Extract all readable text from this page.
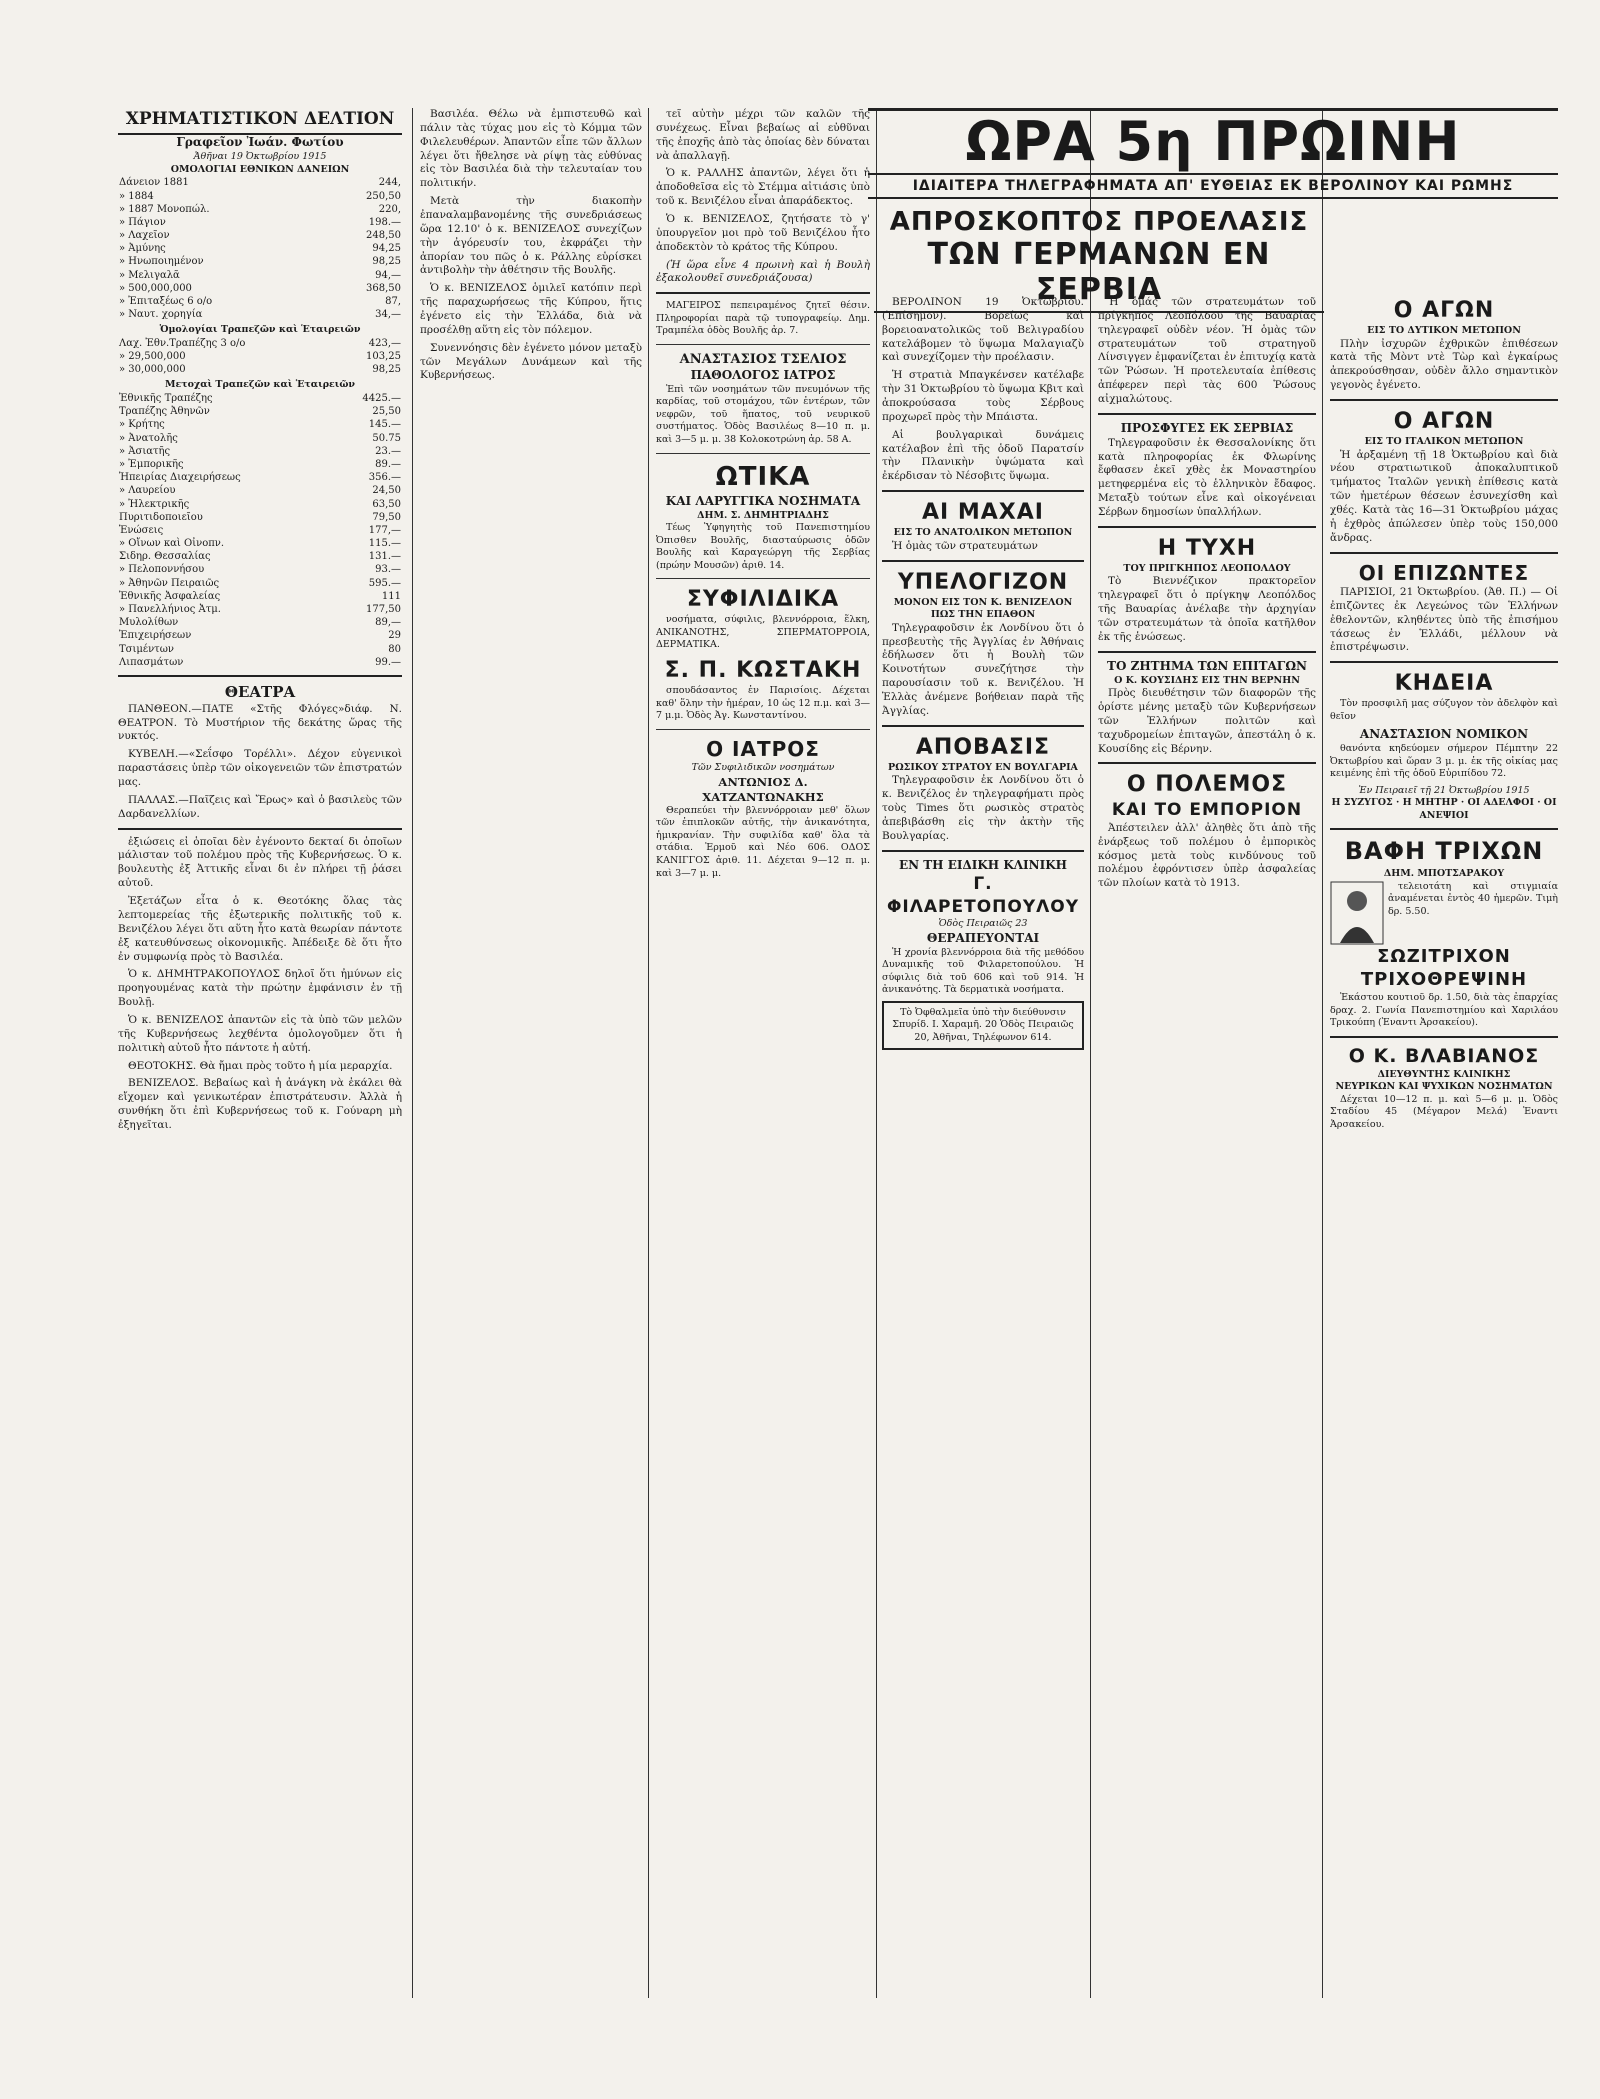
ΧΡΗΜΑΤΙΣΤΙΚΟΝ ΔΕΛΤΙΟΝ
Γραφεῖον Ἰωάν. Φωτίου
Ἀθῆναι 19 Ὀκτωβρίου 1915
ΟΜΟΛΟΓΙΑΙ ΕΘΝΙΚΩΝ ΔΑΝΕΙΩΝ
Δάνειον 1881	244,
» 1884	250,50
» 1887 Μονοπώλ.	220,
» Πάγιον	198.—
» Λαχεῖον	248,50
» Ἀμύνης	94,25
» Ηνωποιημένον	98,25
» Μελιγαλᾶ	94,—
» 500,000,000	368,50
» Ἐπιταξέως 6 ο/ο	87,
» Ναυτ. χορηγία	34,—
Ὁμολογίαι Τραπεζῶν καὶ Ἑταιρειῶν
Λαχ. Ἐθν.Τραπέζης 3 ο/ο	423,—
» 29,500,000	103,25
» 30,000,000	98,25
Μετοχαὶ Τραπεζῶν καὶ Ἑταιρειῶν
Ἐθνικῆς Τραπέζης	4425.—
Τραπέζης Ἀθηνῶν	25,50
» Κρήτης	145.—
» Ἀνατολῆς	50.75
» Ἀσιατῆς	23.—
» Ἐμπορικῆς	89.—
Ἠπειρίας Διαχειρήσεως	356.—
» Λαυρείου	24,50
» Ἠλεκτρικῆς	63,50
Πυριτιδοποιεῖου	79,50
Ἑνώσεις	177,—
» Οἴνων καὶ Οἰνοπν.	115.—
Σιδηρ. Θεσσαλίας	131.—
» Πελοποννήσου	93.—
» Ἀθηνῶν Πειραιῶς	595.—
Ἐθνικῆς Ἀσφαλείας	111
» Πανελλήνιος Ἀτμ.	177,50
Μυλολίθων	89,—
Ἐπιχειρήσεων	29
Τσιμέντων	80
Λιπασμάτων	99.—
ΘΕΑΤΡΑ

ΠΑΝΘΕΟΝ.—ΠΑΤΕ «Στῆς Φλόγες»διάφ. Ν. ΘΕΑΤΡΟΝ. Τὸ Μυστήριον τῆς δεκάτης ὥρας τῆς νυκτός.

ΚΥΒΕΛΗ.—«Σεΐσφο Τορέλλι». Δέχον εὐγενικοὶ παραστάσεις ὑπὲρ τῶν οἰκογενειῶν τῶν ἐπιστρατών μας.

ΠΑΛΛΑΣ.—Παῖζεις καὶ Ἔρως» καὶ ὁ βασιλεὺς τῶν Δαρδανελλίων.

ἐξιώσεις εἰ ὁποῖαι δὲν ἐγένοντο δεκταί δι ὁποῖων μάλισταν τοῦ πολέμου πρὸς τῆς Κυβερνήσεως. Ὁ κ. βουλευτὴς ἐξ Ἀττικῆς εἶναι δι ἐν πλήρει τῇ ῥάσει αὐτοῦ.

Ἐξετάζων εἶτα ὁ κ. Θεοτόκης ὅλας τὰς λεπτομερείας τῆς ἐξωτερικῆς πολιτικῆς τοῦ κ. Βενιζέλου λέγει ὅτι αὕτη ἦτο κατὰ θεωρίαν πάντοτε ἐξ κατευθύνσεως οἰκονομικῆς. Ἀπέδειξε δὲ ὅτι ἦτο ἐν συμφωνίᾳ πρὸς τὸ Βασιλέα.

Ὁ κ. ΔΗΜΗΤΡΑΚΟΠΟΥΛΟΣ δηλοῖ ὅτι ἠμύνων εἰς προηγουμένας κατὰ τὴν πρώτην ἐμφάνισιν ἐν τῇ Βουλῇ.

Ὁ κ. ΒΕΝΙΖΕΛΟΣ ἀπαντῶν εἰς τὰ ὑπὸ τῶν μελῶν τῆς Κυβερνήσεως λεχθέντα ὁμολογοῦμεν ὅτι ἡ πολιτικὴ αὐτοῦ ἦτο πάντοτε ἡ αὐτή.

ΘΕΟΤΟΚΗΣ. Θὰ ἤμαι πρὸς τοῦτο ἡ μία μεραρχία.

ΒΕΝΙΖΕΛΟΣ. Βεβαίως καὶ ἡ ἀνάγκη νὰ ἐκάλει θὰ εἴχομεν καὶ γενικωτέραν ἐπιστράτευσιν. Ἀλλὰ ἡ συνθήκη ὅτι ἐπὶ Κυβερνήσεως τοῦ κ. Γούναρη μὴ ἐξηγεῖται.

Βασιλέα. Θέλω νὰ ἐμπιστευθῶ καὶ πάλιν τὰς τύχας μου εἰς τὸ Κόμμα τῶν Φιλελευθέρων. Ἀπαντῶν εἶπε τῶν ἄλλων λέγει ὅτι ἤθελησε νὰ ρίψῃ τὰς εὐθύνας εἰς τὸν Βασιλέα διὰ τὴν τελευταίαν του πολιτικήν.

Μετὰ τὴν διακοπὴν ἐπαναλαμβανομένης τῆς συνεδριάσεως ὥρα 12.10' ὁ κ. ΒΕΝΙΖΕΛΟΣ συνεχίζων τὴν ἀγόρευσίν του, ἐκφράζει τὴν ἀπορίαν του πῶς ὁ κ. Ράλλης εὑρίσκει ἀντιβολὴν τὴν ἀθέτησιν τῆς Βουλῆς.

Ὁ κ. ΒΕΝΙΖΕΛΟΣ ὁμιλεῖ κατόπιν περὶ τῆς παραχωρήσεως τῆς Κύπρου, ἥτις ἐγένετο εἰς τὴν Ἑλλάδα, διὰ νὰ προσέλθῃ αὕτη εἰς τὸν πόλεμον.

Συνεννόησις δὲν ἐγένετο μόνον μεταξὺ τῶν Μεγάλων Δυνάμεων καὶ τῆς Κυβερνήσεως.

τεῖ αὐτὴν μέχρι τῶν καλῶν τῆς συνέχεως. Εἶναι βεβαίως αἱ εὐθῦναι τῆς ἐποχῆς ἀπὸ τὰς ὁποίας δὲν δύναται νὰ ἀπαλλαγῇ.

Ὁ κ. ΡΑΛΛΗΣ ἀπαντῶν, λέγει ὅτι ἡ ἀποδοθεῖσα εἰς τὸ Στέμμα αἰτιάσις ὑπὸ τοῦ κ. Βενιζέλου εἶναι ἀπαράδεκτος.

Ὁ κ. ΒΕΝΙΖΕΛΟΣ, ζητήσατε τὸ γ' ὑπουργεῖον μοι πρὸ τοῦ Βενιζέλου ἦτο ἀποδεκτὸν τὸ κράτος τῆς Κύπρου.

(Ἡ ὥρα εἶνε 4 πρωινὴ καὶ ἡ Βουλὴ ἐξακολουθεῖ συνεδριάζουσα)

ΜΑΓΕΙΡΟΣ πεπειραμένος ζητεῖ θέσιν. Πληροφορίαι παρὰ τῷ τυπογραφείῳ. Δημ. Τραμπέλα ὁδὸς Βουλῆς ἀρ. 7.

ΑΝΑΣΤΑΣΙΟΣ ΤΣΕΛΙΟΣ
ΠΑΘΟΛΟΓΟΣ ΙΑΤΡΟΣ

Ἐπὶ τῶν νοσημάτων τῶν πνευμόνων τῆς καρδίας, τοῦ στομάχου, τῶν ἐντέρων, τῶν νεφρῶν, τοῦ ἥπατος, τοῦ νευρικοῦ συστήματος. Ὁδὸς Βασιλέως 8—10 π. μ. καὶ 3—5 μ. μ. 38 Κολοκοτρώνη ἀρ. 58 Α.

ΩΤΙΚΑ
ΚΑΙ ΛΑΡΥΓΓΙΚΑ ΝΟΣΗΜΑΤΑ
ΔΗΜ. Σ. ΔΗΜΗΤΡΙΑΔΗΣ

Τέως Ὑφηγητὴς τοῦ Πανεπιστημίου Ὀπισθεν Βουλῆς, διασταύρωσις ὁδῶν Βουλῆς καὶ Καραγεώργη τῆς Σερβίας (πρώην Μουσῶν) ἀριθ. 14.

ΣΥΦΙΛΙΔΙΚΑ

νοσήματα, σύφιλις, βλεννόρροια, ἕλκη, ΑΝΙΚΑΝΟΤΗΣ, ΣΠΕΡΜΑΤΟΡΡΟΙΑ, ΔΕΡΜΑΤΙΚΑ.

Σ. Π. ΚΩΣΤΑΚΗ

σπουδάσαντος ἐν Παρισίοις. Δέχεται καθ' ὅλην τὴν ἡμέραν, 10 ὡς 12 π.μ. καὶ 3—7 μ.μ. Ὁδὸς Ἀγ. Κωνσταντίνου.

Ο ΙΑΤΡΟΣ
Τῶν Συφιλιδικῶν νοσημάτων
ΑΝΤΩΝΙΟΣ Δ. ΧΑΤΖΑΝΤΩΝΑΚΗΣ

Θεραπεύει τὴν βλεννόρροιαν μεθ' ὅλων τῶν ἐπιπλοκῶν αὐτῆς, τὴν ἀνικανότητα, ἡμικρανίαν. Τὴν συφιλίδα καθ' ὅλα τὰ στάδια. Ἐρμοῦ καὶ Νέο 606. ΟΔΟΣ ΚΑΝΙΓΓΟΣ ἀριθ. 11. Δέχεται 9—12 π. μ. καὶ 3—7 μ. μ.

ΩΡΑ 5η ΠΡΩΙΝΗ
ΙΔΙΑΙΤΕΡΑ ΤΗΛΕΓΡΑΦΗΜΑΤΑ ΑΠ' ΕΥΘΕΙΑΣ ΕΚ ΒΕΡΟΛΙΝΟΥ ΚΑΙ ΡΩΜΗΣ
ΑΠΡΟΣΚΟΠΤΟΣ ΠΡΟΕΛΑΣΙΣ
ΤΩΝ ΓΕΡΜΑΝΩΝ ΕΝ ΣΕΡΒΙΑ

ΒΕΡΟΛΙΝΟΝ 19 Ὀκτωβρίου. (Ἐπίσημον). Βορείως καὶ βορειοανατολικῶς τοῦ Βελιγραδίου κατελάβομεν τὸ ὕψωμα Μαλαγιαζὺ καὶ συνεχίζομεν τὴν προέλασιν.

Ἡ στρατιὰ Μπαγκένσεν κατέλαβε τὴν 31 Ὀκτωβρίου τὸ ὕψωμα Κβιτ καὶ ἀποκρούσασα τοὺς Σέρβους προχωρεῖ πρὸς τὴν Μπάιστα.

Αἱ βουλγαρικαὶ δυνάμεις κατέλαβον ἐπὶ τῆς ὁδοῦ Παρατσίν τὴν Πλανικὴν ὑψώματα καὶ ἐκέρδισαν τὸ Νέσοβιτς ὕψωμα.

ΑΙ ΜΑΧΑΙ
ΕΙΣ ΤΟ ΑΝΑΤΟΛΙΚΟΝ ΜΕΤΩΠΟΝ

Ἡ ὁμὰς τῶν στρατευμάτων

ΥΠΕΛΟΓΙΖΟΝ
ΜΟΝΟΝ ΕΙΣ ΤΟΝ Κ. ΒΕΝΙΖΕΛΟΝ
ΠΩΣ ΤΗΝ ΕΠΑΘΟΝ

Τηλεγραφοῦσιν ἐκ Λονδίνου ὅτι ὁ πρεσβευτὴς τῆς Ἀγγλίας ἐν Ἀθήναις ἐδήλωσεν ὅτι ἡ Βουλὴ τῶν Κοινοτήτων συνεζήτησε τὴν παρουσίασιν τοῦ κ. Βενιζέλου. Ἡ Ἑλλὰς ἀνέμενε βοήθειαν παρὰ τῆς Ἀγγλίας.

ΑΠΟΒΑΣΙΣ
ΡΩΣΙΚΟΥ ΣΤΡΑΤΟΥ ΕΝ ΒΟΥΛΓΑΡΙΑ

Τηλεγραφοῦσιν ἐκ Λονδίνου ὅτι ὁ κ. Βενιζέλος ἐν τηλεγραφήματι πρὸς τοὺς Times ὅτι ρωσικὸς στρατὸς ἀπεβιβάσθη εἰς τὴν ἀκτὴν τῆς Βουλγαρίας.

ΕΝ ΤΗ ΕΙΔΙΚΗ ΚΛΙΝΙΚΗ
Γ. ΦΙΛΑΡΕΤΟΠΟΥΛΟΥ
Ὁδὸς Πειραιῶς 23
ΘΕΡΑΠΕΥΟΝΤΑΙ

Ἡ χρονία βλεννόρροια διὰ τῆς μεθόδου Δυναμικῆς τοῦ Φιλαρετοπούλου. Ἡ σύφιλις διὰ τοῦ 606 καὶ τοῦ 914. Ἡ ἀνικανότης. Τὰ δερματικὰ νοσήματα.

Τὸ Ὀφθαλμεῖα ὑπὸ τὴν διεύθυνσιν Σπυρίδ. Ι. Χαραμῆ. 20 Ὁδὸς Πειραιῶς 20, Ἀθῆναι, Τηλέφωνον 614.

Ἡ ὁμάς τῶν στρατευμάτων τοῦ πρίγκηπος Λεοπόλδου τῆς Βαυαρίας τηλεγραφεῖ οὐδὲν νέον. Ἡ ὁμὰς τῶν στρατευμάτων τοῦ στρατηγοῦ Λίνσιγγεν ἐμφανίζεται ἐν ἐπιτυχίᾳ κατὰ τῶν Ῥώσων. Ἡ προτελευταία ἐπίθεσις ἀπέφερεν περὶ τὰς 600 Ῥώσους αἰχμαλώτους.

ΠΡΟΣΦΥΓΕΣ ΕΚ ΣΕΡΒΙΑΣ

Τηλεγραφοῦσιν ἐκ Θεσσαλονίκης ὅτι κατὰ πληροφορίας ἐκ Φλωρίνης ἔφθασεν ἐκεῖ χθὲς ἐκ Μοναστηρίου μετηφερμένα εἰς τὸ ἑλληνικὸν ἔδαφος. Μεταξὺ τούτων εἶνε καὶ οἰκογένειαι Σέρβων δημοσίων ὑπαλλήλων.

Η ΤΥΧΗ
ΤΟΥ ΠΡΙΓΚΗΠΟΣ ΛΕΟΠΟΛΔΟΥ

Τὸ Βιεννέζικον πρακτορεῖον τηλεγραφεῖ ὅτι ὁ πρίγκηψ Λεοπόλδος τῆς Βαυαρίας ἀνέλαβε τὴν ἀρχηγίαν τῶν στρατευμάτων τὰ ὁποῖα κατῆλθον ἐκ τῆς ἑνώσεως.

ΤΟ ΖΗΤΗΜΑ ΤΩΝ ΕΠΙΤΑΓΩΝ
Ο Κ. ΚΟΥΣΙΔΗΣ ΕΙΣ ΤΗΝ ΒΕΡΝΗΝ

Πρὸς διευθέτησιν τῶν διαφορῶν τῆς ὁρίστε μένης μεταξὺ τῶν Κυβερνήσεων τῶν Ἑλλήνων πολιτῶν καὶ ταχυδρομείων ἐπιταγῶν, ἀπεστάλη ὁ κ. Κουσίδης εἰς Βέρνην.

Ο ΠΟΛΕΜΟΣ
ΚΑΙ ΤΟ ΕΜΠΟΡΙΟΝ

Ἀπέστειλεν ἀλλ' ἀληθὲς ὅτι ἀπὸ τῆς ἐνάρξεως τοῦ πολέμου ὁ ἐμπορικὸς κόσμος μετὰ τοὺς κινδύνους τοῦ πολέμου ἐφρόντισεν ὑπὲρ ἀσφαλείας τῶν πλοίων κατὰ τὸ 1913.

Ο ΑΓΩΝ
ΕΙΣ ΤΟ ΔΥΤΙΚΟΝ ΜΕΤΩΠΟΝ

Πλὴν ἰσχυρῶν ἐχθρικῶν ἐπιθέσεων κατὰ τῆς Μὸντ ντὲ Τὼρ καὶ ἐγκαίρως ἀπεκρούσθησαν, οὐδὲν ἄλλο σημαντικὸν γεγονὸς ἐγένετο.

Ο ΑΓΩΝ
ΕΙΣ ΤΟ ΙΤΑΛΙΚΟΝ ΜΕΤΩΠΟΝ

Ἡ ἀρξαμένη τῇ 18 Ὀκτωβρίου καὶ διὰ νέου στρατιωτικοῦ ἀποκαλυπτικοῦ τμήματος Ἰταλῶν γενικὴ ἐπίθεσις κατὰ τῶν ἡμετέρων θέσεων ἐσυνεχίσθη καὶ χθές. Κατὰ τὰς 16—31 Ὀκτωβρίου μάχας ἡ ἐχθρὸς ἀπώλεσεν ὑπὲρ τοὺς 150,000 ἄνδρας.

ΟΙ ΕΠΙΖΩΝΤΕΣ

ΠΑΡΙΣΙΟΙ, 21 Ὀκτωβρίου. (Ἀθ. Π.) — Οἱ ἐπιζῶντες ἐκ Λεγεώνος τῶν Ἑλλήνων ἐθελοντῶν, κληθέντες ὑπὸ τῆς ἐπισήμου τάσεως ἐν Ἑλλάδι, μέλλουν νὰ ἐπιστρέψωσιν.

ΚΗΔΕΙΑ

Τὸν προσφιλῆ μας σύζυγον τὸν ἀδελφὸν καὶ θεῖον

ΑΝΑΣΤΑΣΙΟΝ ΝΟΜΙΚΟΝ

θανόντα κηδεύομεν σήμερον Πέμπτην 22 Ὀκτωβρίου καὶ ὥραν 3 μ. μ. ἐκ τῆς οἰκίας μας κειμένης ἐπὶ τῆς ὁδοῦ Εὐριπίδου 72.

Ἐν Πειραιεῖ τῇ 21 Ὀκτωβρίου 1915
Η ΣΥΖΥΓΟΣ · Η ΜΗΤΗΡ · ΟΙ ΑΔΕΛΦΟΙ · ΟΙ ΑΝΕΨΙΟΙ
ΒΑΦΗ ΤΡΙΧΩΝ
ΔΗΜ. ΜΠΟΤΣΑΡΑΚΟΥ

τελειοτάτη καὶ στιγμιαία ἀναμένεται ἐντὸς 40 ἡμερῶν. Τιμὴ δρ. 5.50.

ΣΩΖΙΤΡΙΧΟΝ
ΤΡΙΧΟΘΡΕΨΙΝΗ

Ἐκάστου κουτιοῦ δρ. 1.50, διὰ τὰς ἐπαρχίας δραχ. 2. Γωνία Πανεπιστημίου καὶ Χαριλάου Τρικούπη (Ἐναντι Ἀρσακείου).

Ο Κ. ΒΛΑΒΙΑΝΟΣ
ΔΙΕΥΘΥΝΤΗΣ ΚΛΙΝΙΚΗΣ
ΝΕΥΡΙΚΩΝ ΚΑΙ ΨΥΧΙΚΩΝ ΝΟΣΗΜΑΤΩΝ

Δέχεται 10—12 π. μ. καὶ 5—6 μ. μ. Ὁδὸς Σταδίου 45 (Μέγαρον Μελά) Ἐναντι Ἀρσακείου.
